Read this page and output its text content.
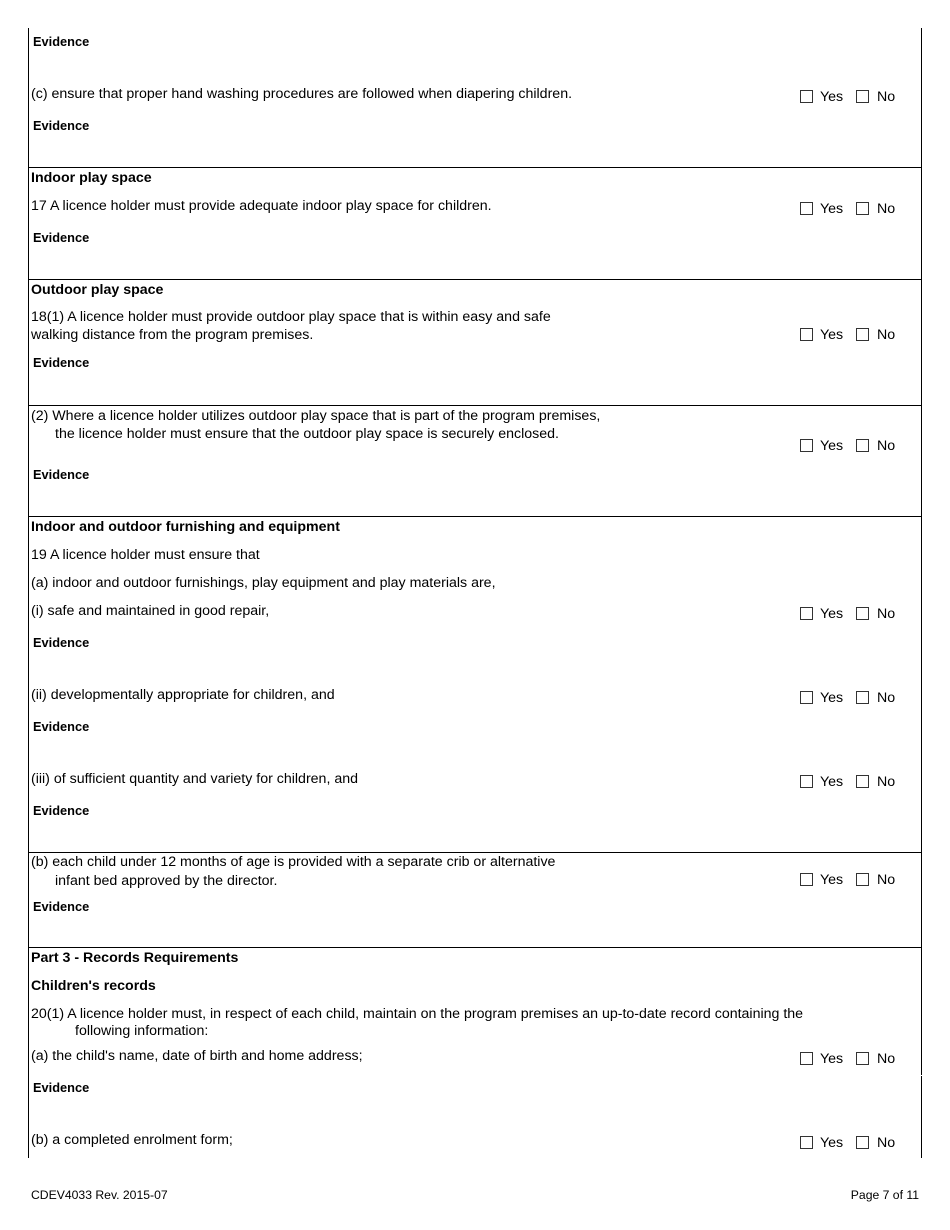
Evidence
(c) ensure that proper hand washing procedures are followed when diapering children.	Yes No
Evidence
Indoor play space
17 A licence holder must provide adequate indoor play space for children.	Yes No
Evidence
Outdoor play space
18(1) A licence holder must provide outdoor play space that is within easy and safe
walking distance from the program premises.	Yes No
Evidence
(2) Where a licence holder utilizes outdoor play space that is part of the program premises,
the licence holder must ensure that the outdoor play space is securely enclosed.
Yes No
Evidence
Indoor and outdoor furnishing and equipment
19 A licence holder must ensure that
(a) indoor and outdoor furnishings, play equipment and play materials are,
(i) safe and maintained in good repair,	Yes No
Evidence
(ii) developmentally appropriate for children, and	Yes No
Evidence
(iii) of sufficient quantity and variety for children, and	Yes No
Evidence
(b) each child under 12 months of age is provided with a separate crib or alternative
infant bed approved by the director.	Yes No
Evidence
Part 3 - Records Requirements
Children's records
20(1) A licence holder must, in respect of each child, maintain on the program premises an up-to-date record containing the
following information:
(a) the child's name, date of birth and home address;	Yes No
Evidence
(b) a completed enrolment form;	Yes No
CDEV4033 Rev. 2015-07	Page 7 of 11
